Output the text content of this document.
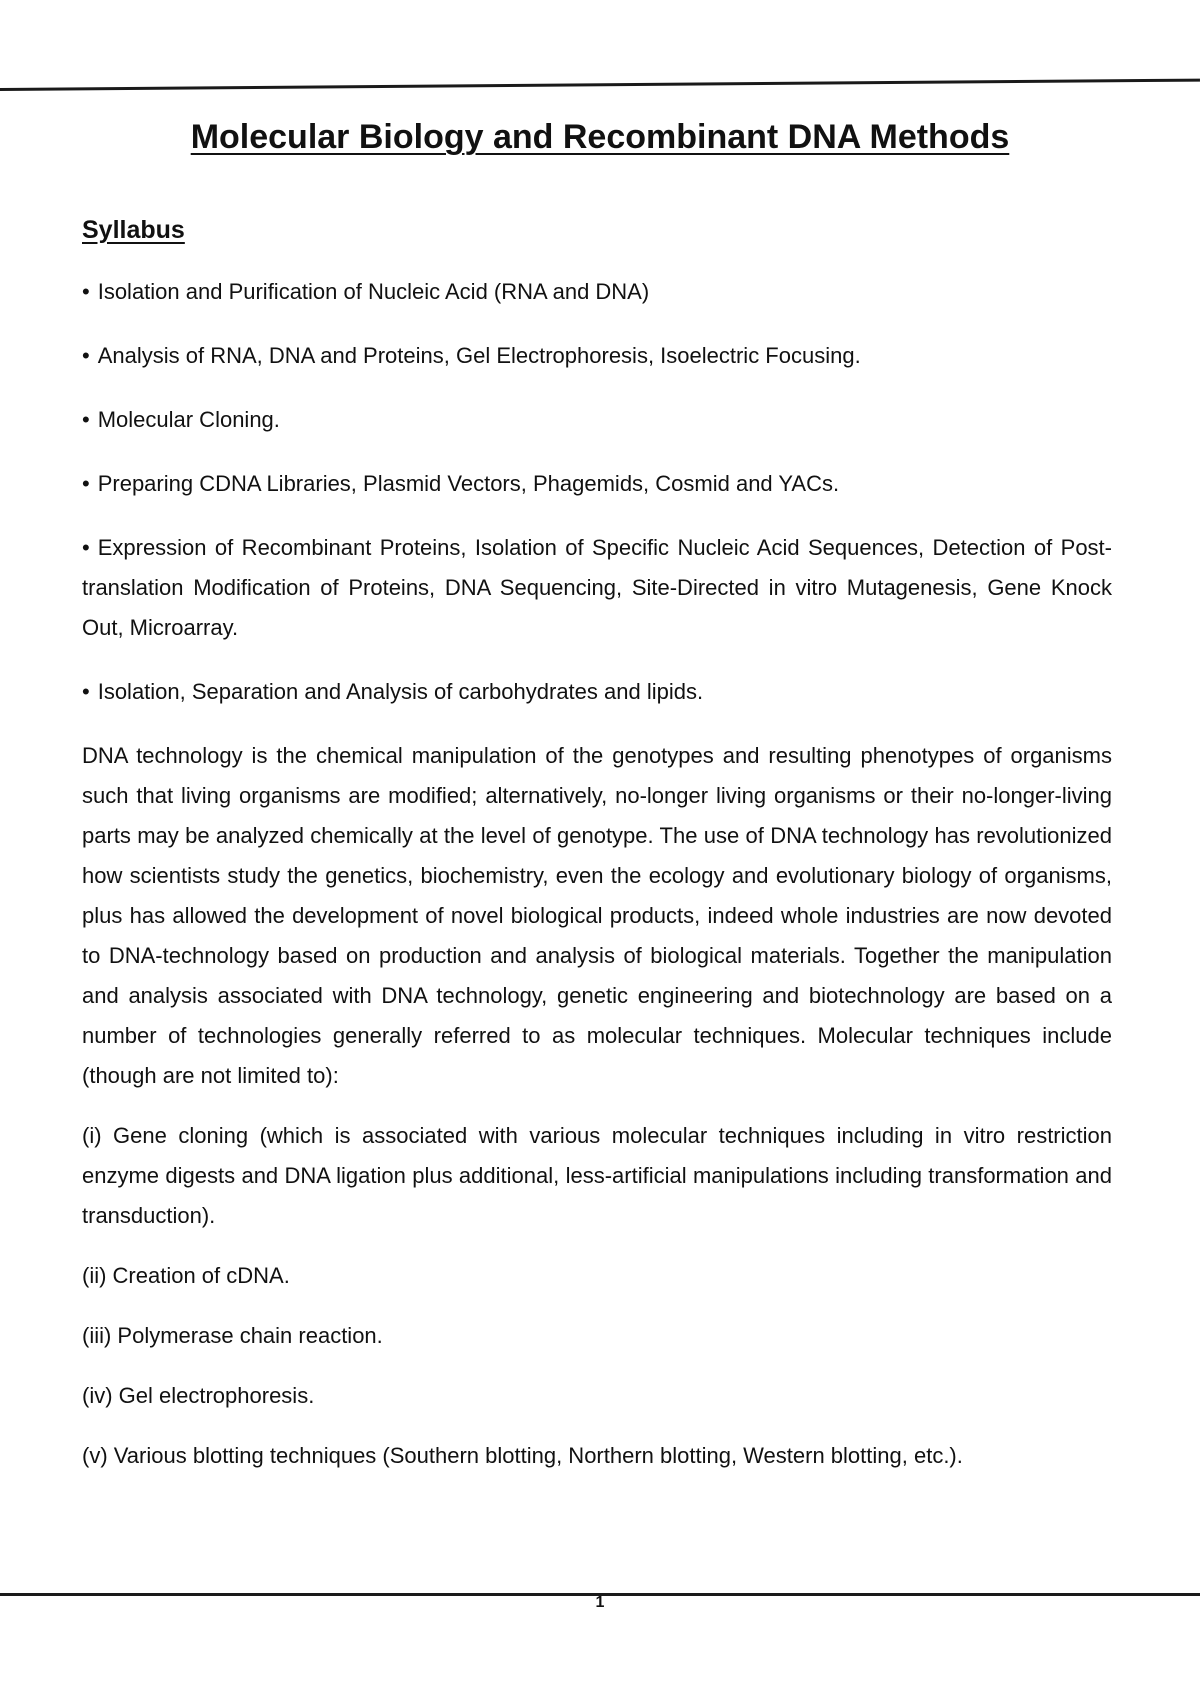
Molecular Biology and Recombinant DNA Methods
Syllabus
• Isolation and Purification of Nucleic Acid (RNA and DNA)
• Analysis of RNA, DNA and Proteins, Gel Electrophoresis, Isoelectric Focusing.
• Molecular Cloning.
• Preparing CDNA Libraries, Plasmid Vectors, Phagemids, Cosmid and YACs.
• Expression of Recombinant Proteins, Isolation of Specific Nucleic Acid Sequences, Detection of Post-translation Modification of Proteins, DNA Sequencing, Site-Directed in vitro Mutagenesis, Gene Knock Out, Microarray.
• Isolation, Separation and Analysis of carbohydrates and lipids.

DNA technology is the chemical manipulation of the genotypes and resulting phenotypes of organisms such that living organisms are modified; alternatively, no-longer living organisms or their no-longer-living parts may be analyzed chemically at the level of genotype. The use of DNA technology has revolutionized how scientists study the genetics, biochemistry, even the ecology and evolutionary biology of organisms, plus has allowed the development of novel biological products, indeed whole industries are now devoted to DNA-technology based on production and analysis of biological materials. Together the manipulation and analysis associated with DNA technology, genetic engineering and biotechnology are based on a number of technologies generally referred to as molecular techniques. Molecular techniques include (though are not limited to):

(i) Gene cloning (which is associated with various molecular techniques including in vitro restriction enzyme digests and DNA ligation plus additional, less-artificial manipulations including transformation and transduction).

(ii) Creation of cDNA.

(iii) Polymerase chain reaction.

(iv) Gel electrophoresis.

(v) Various blotting techniques (Southern blotting, Northern blotting, Western blotting, etc.).

1
